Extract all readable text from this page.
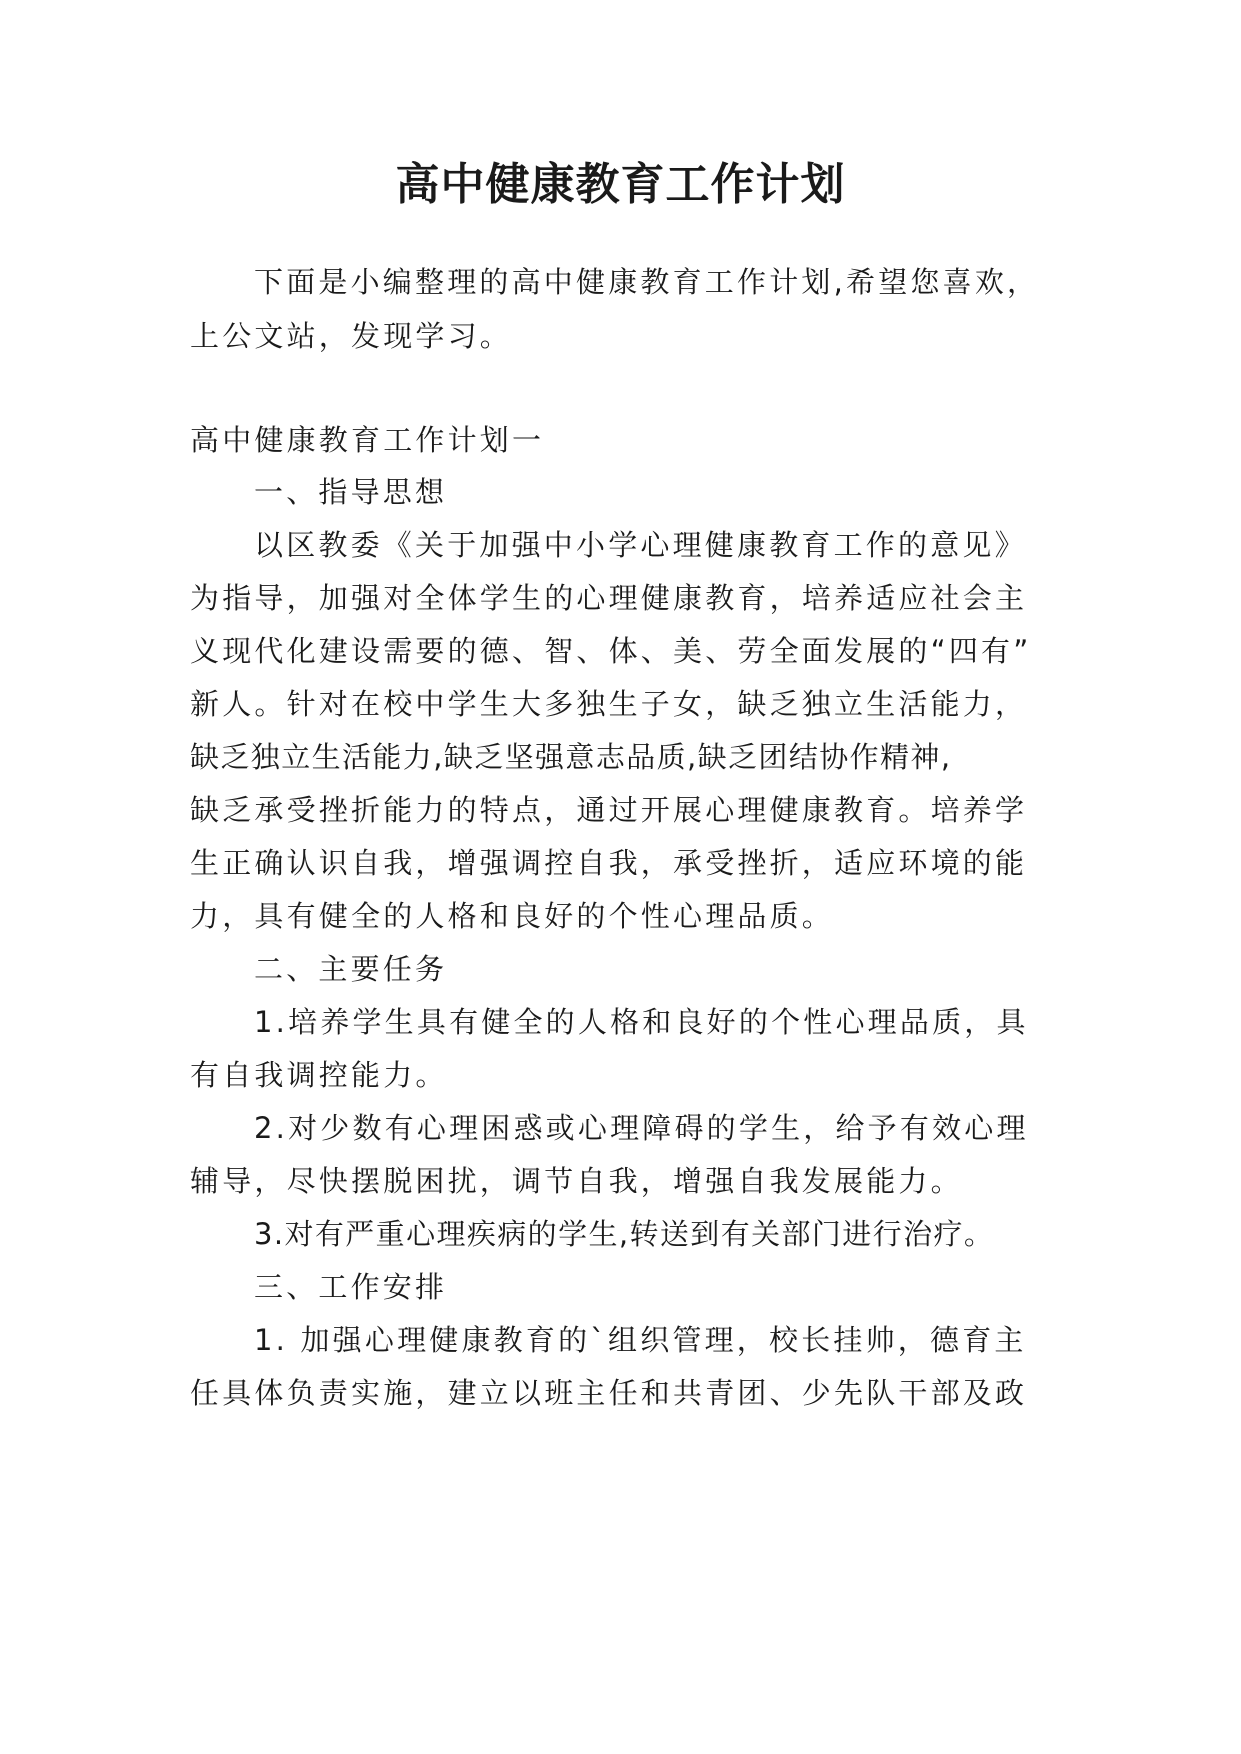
高中健康教育工作计划
下面是小编整理的高中健康教育工作计划,希望您喜欢，
上公文站，发现学习。
高中健康教育工作计划一
一、指导思想
以区教委《关于加强中小学心理健康教育工作的意见》
为指导，加强对全体学生的心理健康教育，培养适应社会主
义现代化建设需要的德、智、体、美、劳全面发展的“四有”
新人。针对在校中学生大多独生子女，缺乏独立生活能力，
缺乏独立生活能力,缺乏坚强意志品质,缺乏团结协作精神,
缺乏承受挫折能力的特点，通过开展心理健康教育。培养学
生正确认识自我，增强调控自我，承受挫折，适应环境的能
力，具有健全的人格和良好的个性心理品质。
二、主要任务
1.培养学生具有健全的人格和良好的个性心理品质，具
有自我调控能力。
2.对少数有心理困惑或心理障碍的学生，给予有效心理
辅导，尽快摆脱困扰，调节自我，增强自我发展能力。
3.对有严重心理疾病的学生,转送到有关部门进行治疗。
三、工作安排
1. 加强心理健康教育的`组织管理，校长挂帅，德育主
任具体负责实施，建立以班主任和共青团、少先队干部及政
